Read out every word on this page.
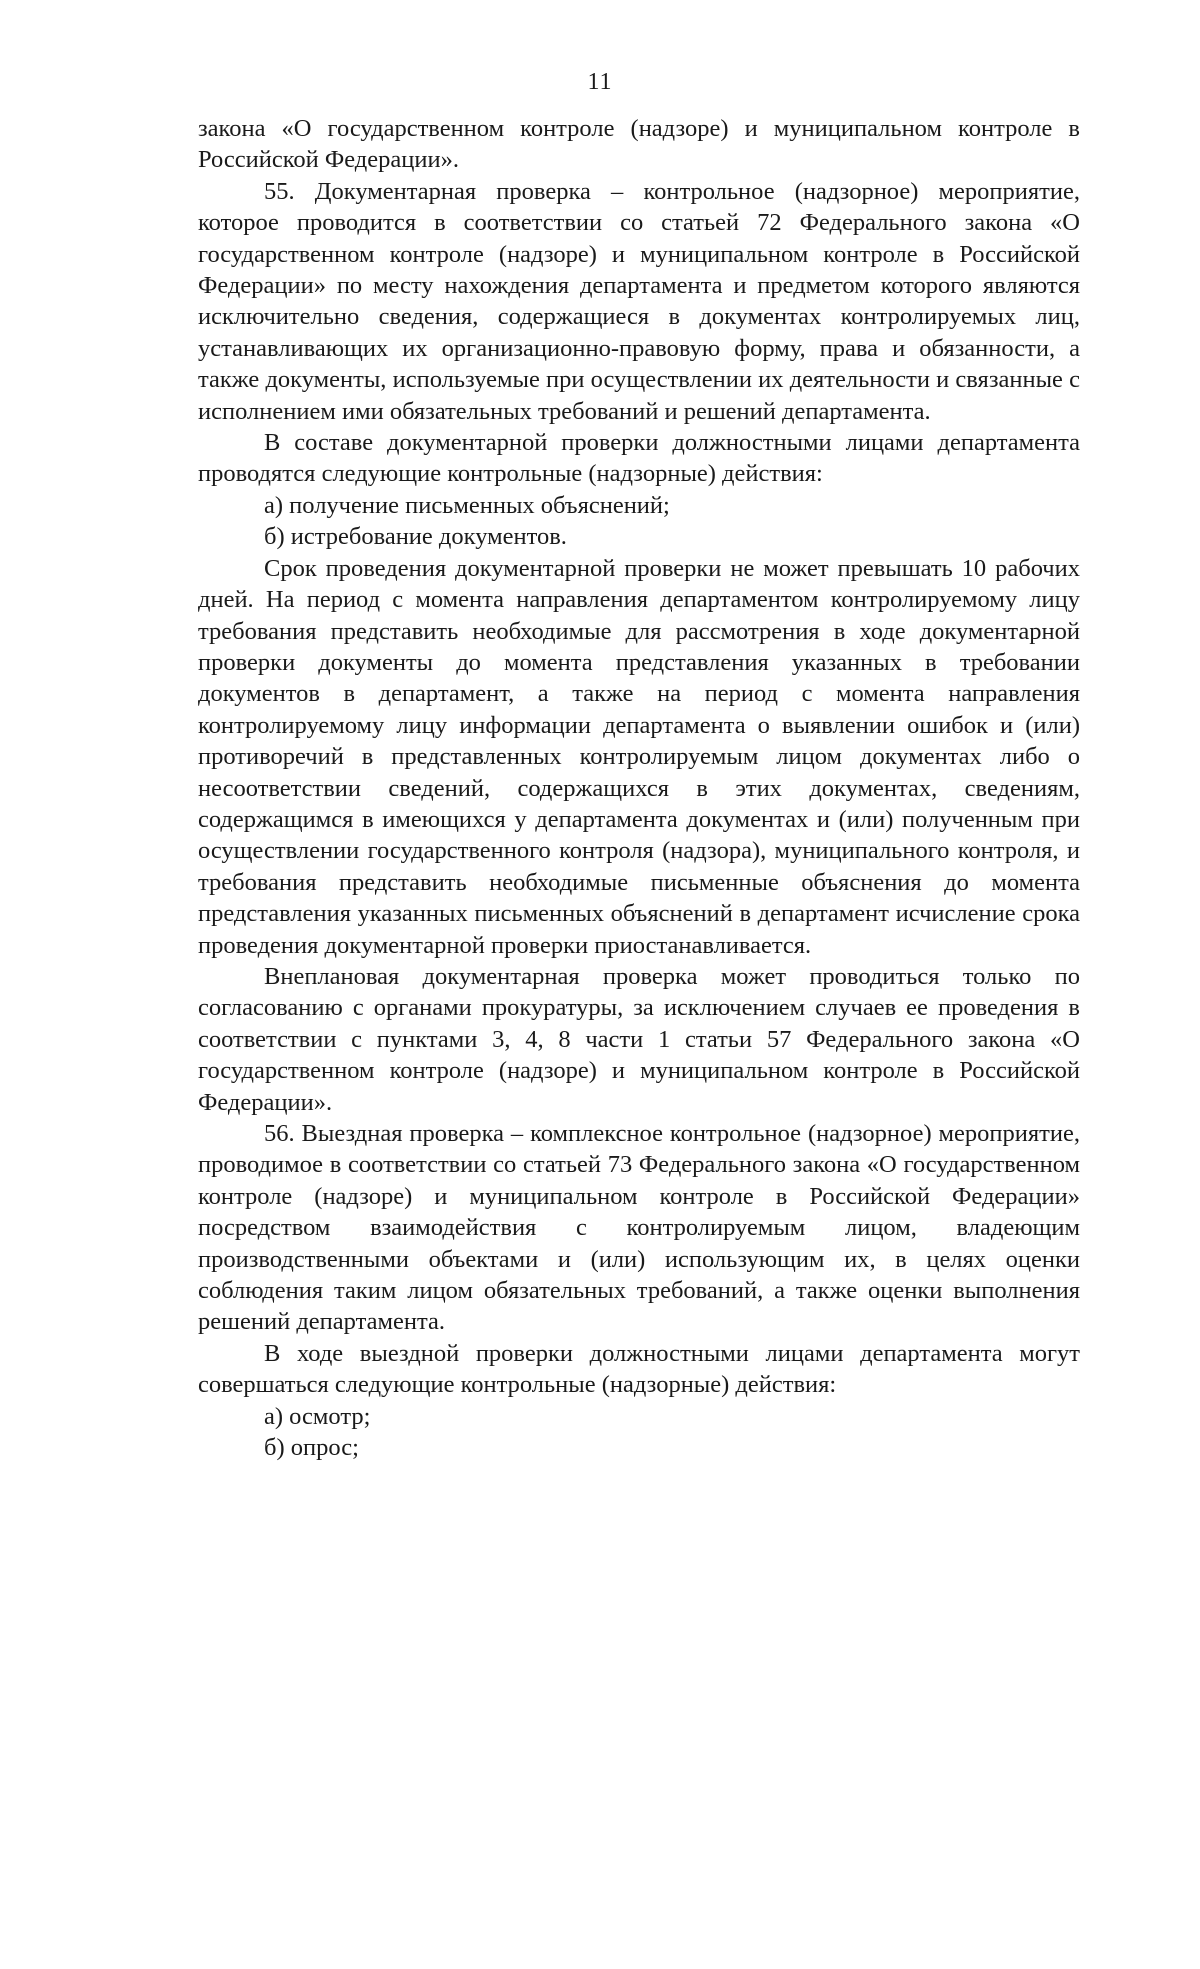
11

закона «О государственном контроле (надзоре) и муниципальном контроле в Российской Федерации».

55. Документарная проверка – контрольное (надзорное) мероприятие, которое проводится в соответствии со статьей 72 Федерального закона «О государственном контроле (надзоре) и муниципальном контроле в Российской Федерации» по месту нахождения департамента и предметом которого являются исключительно сведения, содержащиеся в документах контролируемых лиц, устанавливающих их организационно-правовую форму, права и обязанности, а также документы, используемые при осуществлении их деятельности и связанные с исполнением ими обязательных требований и решений департамента.

В составе документарной проверки должностными лицами департамента проводятся следующие контрольные (надзорные) действия:

а) получение письменных объяснений;

б) истребование документов.

Срок проведения документарной проверки не может превышать 10 рабочих дней. На период с момента направления департаментом контролируемому лицу требования представить необходимые для рассмотрения в ходе документарной проверки документы до момента представления указанных в требовании документов в департамент, а также на период с момента направления контролируемому лицу информации департамента о выявлении ошибок и (или) противоречий в представленных контролируемым лицом документах либо о несоответствии сведений, содержащихся в этих документах, сведениям, содержащимся в имеющихся у департамента документах и (или) полученным при осуществлении государственного контроля (надзора), муниципального контроля, и требования представить необходимые письменные объяснения до момента представления указанных письменных объяснений в департамент исчисление срока проведения документарной проверки приостанавливается.

Внеплановая документарная проверка может проводиться только по согласованию с органами прокуратуры, за исключением случаев ее проведения в соответствии с пунктами 3, 4, 8 части 1 статьи 57 Федерального закона «О государственном контроле (надзоре) и муниципальном контроле в Российской Федерации».

56. Выездная проверка – комплексное контрольное (надзорное) мероприятие, проводимое в соответствии со статьей 73 Федерального закона «О государственном контроле (надзоре) и муниципальном контроле в Российской Федерации» посредством взаимодействия с контролируемым лицом, владеющим производственными объектами и (или) использующим их, в целях оценки соблюдения таким лицом обязательных требований, а также оценки выполнения решений департамента.

В ходе выездной проверки должностными лицами департамента могут совершаться следующие контрольные (надзорные) действия:

а) осмотр;

б) опрос;
